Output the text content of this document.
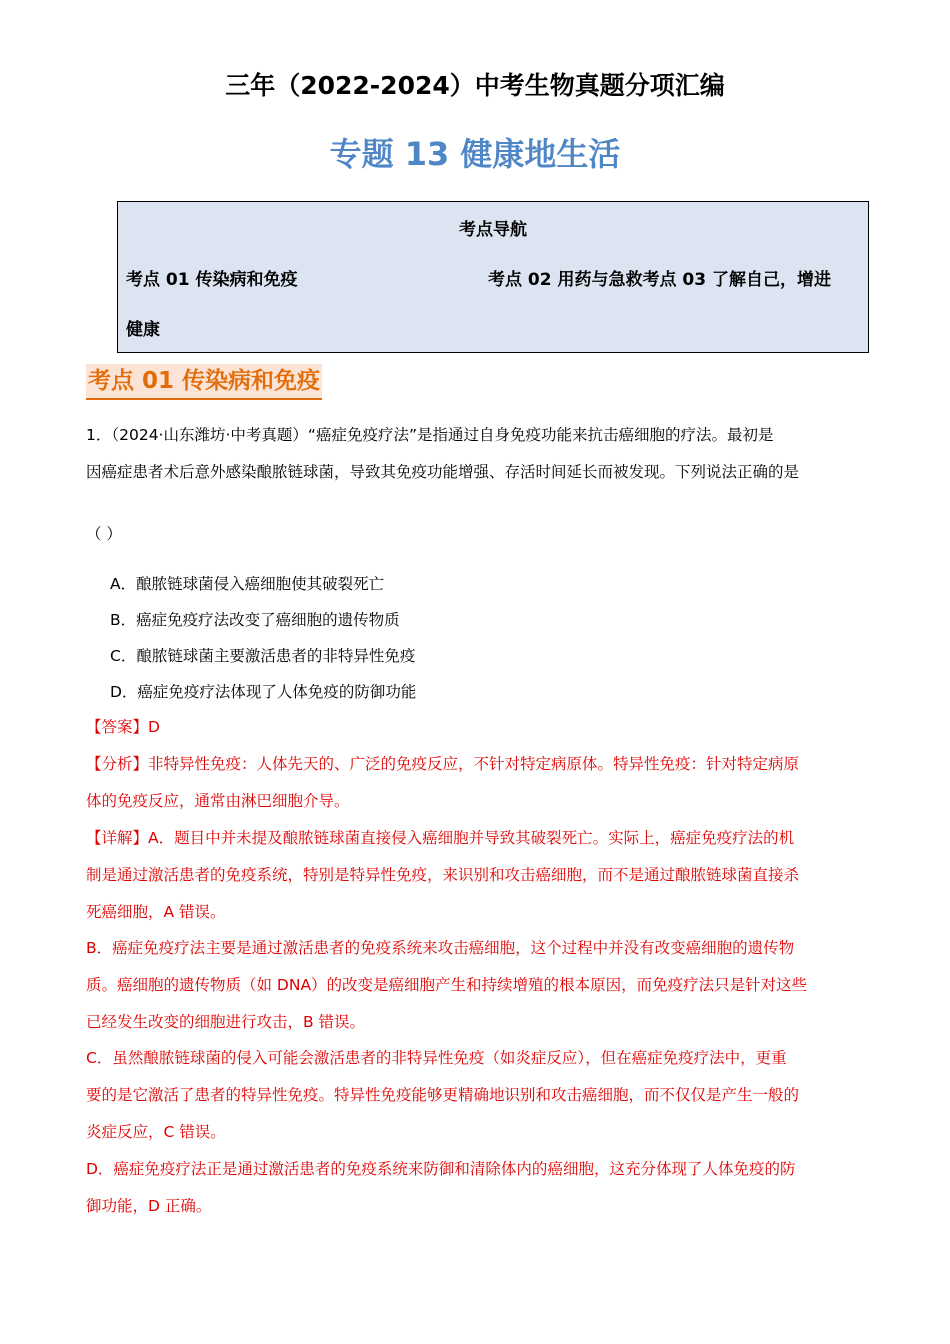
三年（2022-2024）中考生物真题分项汇编
专题 13 健康地生活
考点导航
考点 01 传染病和免疫	考点 02 用药与急救考点 03 了解自己，增进
健康
考点 01 传染病和免疫
1．（2024·山东潍坊·中考真题）“癌症免疫疗法”是指通过自身免疫功能来抗击癌细胞的疗法。最初是
因癌症患者术后意外感染酿脓链球菌，导致其免疫功能增强、存活时间延长而被发现。下列说法正确的是
（ ）
A．酿脓链球菌侵入癌细胞使其破裂死亡
B．癌症免疫疗法改变了癌细胞的遗传物质
C．酿脓链球菌主要激活患者的非特异性免疫
D．癌症免疫疗法体现了人体免疫的防御功能
【答案】D
【分析】非特异性免疫：人体先天的、广泛的免疫反应，不针对特定病原体。特异性免疫：针对特定病原
体的免疫反应，通常由淋巴细胞介导。
【详解】A．题目中并未提及酿脓链球菌直接侵入癌细胞并导致其破裂死亡。实际上，癌症免疫疗法的机
制是通过激活患者的免疫系统，特别是特异性免疫，来识别和攻击癌细胞，而不是通过酿脓链球菌直接杀
死癌细胞，A 错误。
B．癌症免疫疗法主要是通过激活患者的免疫系统来攻击癌细胞，这个过程中并没有改变癌细胞的遗传物
质。癌细胞的遗传物质（如 DNA）的改变是癌细胞产生和持续增殖的根本原因，而免疫疗法只是针对这些
已经发生改变的细胞进行攻击，B 错误。
C．虽然酿脓链球菌的侵入可能会激活患者的非特异性免疫（如炎症反应），但在癌症免疫疗法中，更重
要的是它激活了患者的特异性免疫。特异性免疫能够更精确地识别和攻击癌细胞，而不仅仅是产生一般的
炎症反应，C 错误。
D．癌症免疫疗法正是通过激活患者的免疫系统来防御和清除体内的癌细胞，这充分体现了人体免疫的防
御功能，D 正确。
